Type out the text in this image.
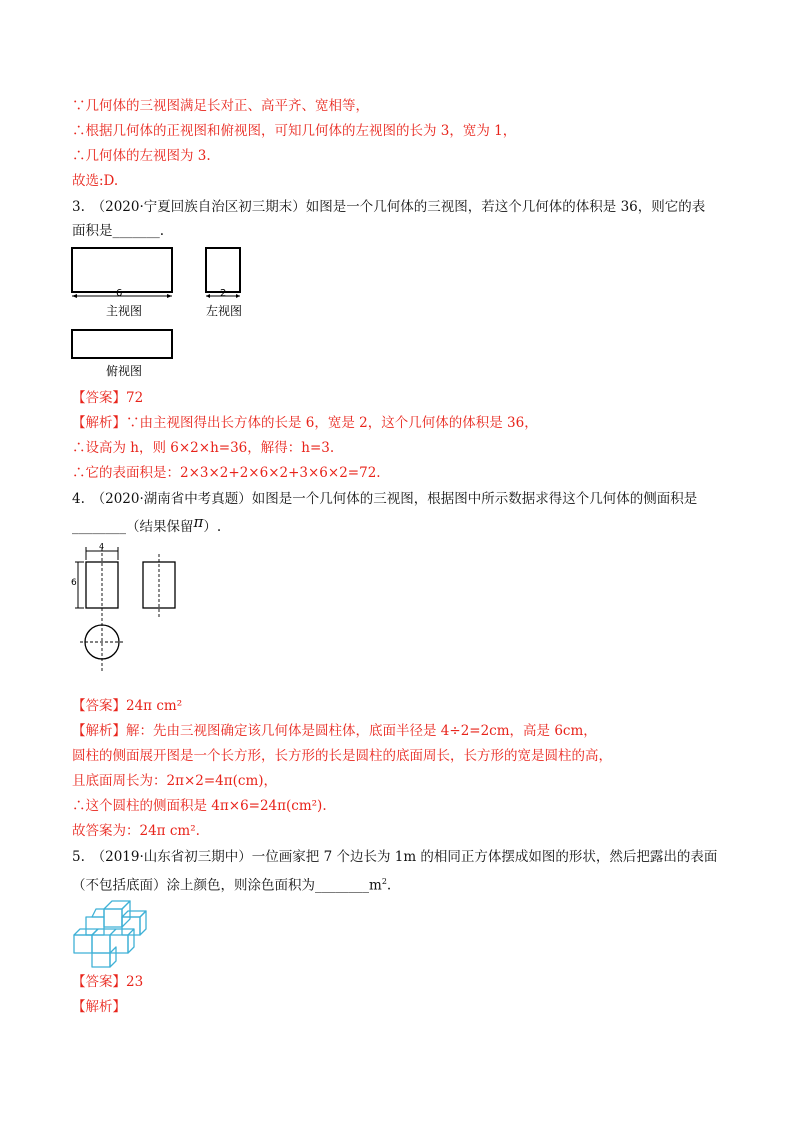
∵几何体的三视图满足长对正、高平齐、宽相等，
∴根据几何体的正视图和俯视图，可知几何体的左视图的长为 3，宽为 1，
∴几何体的左视图为 3.
故选:D.
3.　（2020·宁夏回族自治区初三期末）如图是一个几何体的三视图，若这个几何体的体积是 36，则它的表
面积是_______.
6	2
主视图	左视图
俯视图
【答案】72
【解析】∵由主视图得出长方体的长是 6，宽是 2，这个几何体的体积是 36，
∴设高为 h，则 6×2×h=36，解得：h=3.
∴它的表面积是：2×3×2+2×6×2+3×6×2=72.
4.　（2020·湖南省中考真题）如图是一个几何体的三视图，根据图中所示数据求得这个几何体的侧面积是
________（结果保留π）.
4
6
【答案】24π cm²
【解析】解：先由三视图确定该几何体是圆柱体，底面半径是 4÷2=2cm，高是 6cm，
圆柱的侧面展开图是一个长方形，长方形的长是圆柱的底面周长，长方形的宽是圆柱的高，
且底面周长为：2π×2=4π(cm)，
∴这个圆柱的侧面积是 4π×6=24π(cm²).
故答案为：24π cm².
5.　（2019·山东省初三期中）一位画家把 7 个边长为 1m 的相同正方体摆成如图的形状，然后把露出的表面
（不包括底面）涂上颜色，则涂色面积为$\_\_\_\_\_\_\_\_m^2$.
【答案】23
【解析】
